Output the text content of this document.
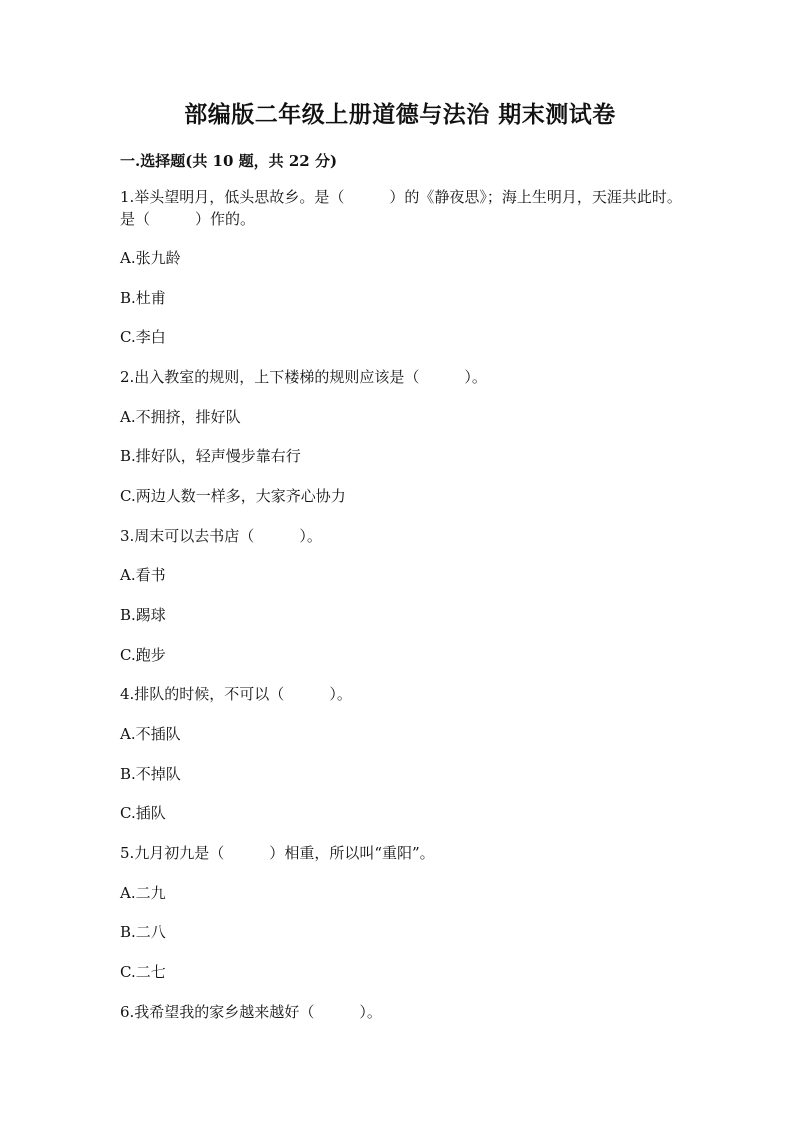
部编版二年级上册道德与法治 期末测试卷
一.选择题(共 10 题，共 22 分)
1.举头望明月，低头思故乡。是（　　　）的《静夜思》；海上生明月，天涯共此时。是（　　　）作的。
A.张九龄
B.杜甫
C.李白
2.出入教室的规则，上下楼梯的规则应该是（　　　）。
A.不拥挤，排好队
B.排好队，轻声慢步靠右行
C.两边人数一样多，大家齐心协力
3.周末可以去书店（　　　）。
A.看书
B.踢球
C.跑步
4.排队的时候，不可以（　　　）。
A.不插队
B.不掉队
C.插队
5.九月初九是（　　　）相重，所以叫“重阳”。
A.二九
B.二八
C.二七
6.我希望我的家乡越来越好（　　　）。
